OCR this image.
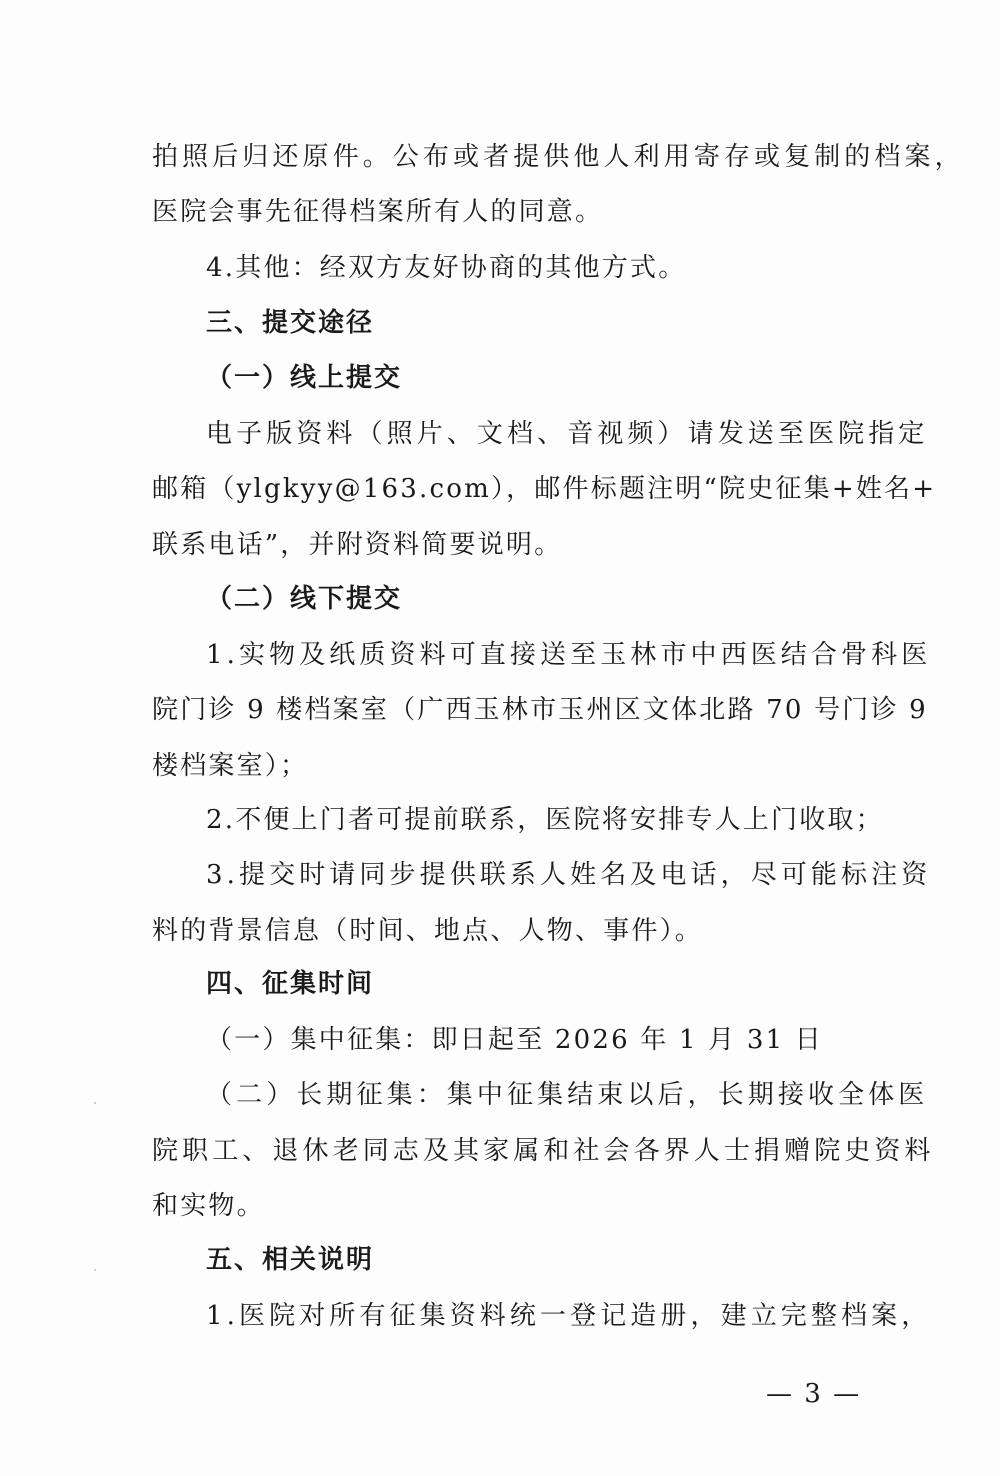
拍照后归还原件。公布或者提供他人利用寄存或复制的档案，
医院会事先征得档案所有人的同意。
4.其他：经双方友好协商的其他方式。
三、提交途径
（一）线上提交
电子版资料（照片、文档、音视频）请发送至医院指定
邮箱（ylgkyy@163.com），邮件标题注明“院史征集+姓名+
联系电话”，并附资料简要说明。
（二）线下提交
1.实物及纸质资料可直接送至玉林市中西医结合骨科医
院门诊 9 楼档案室（广西玉林市玉州区文体北路 70 号门诊 9
楼档案室）；
2.不便上门者可提前联系，医院将安排专人上门收取；
3.提交时请同步提供联系人姓名及电话，尽可能标注资
料的背景信息（时间、地点、人物、事件）。
四、征集时间
（一）集中征集：即日起至 2026 年 1 月 31 日
（二）长期征集：集中征集结束以后，长期接收全体医
院职工、退休老同志及其家属和社会各界人士捐赠院史资料
和实物。
五、相关说明
1.医院对所有征集资料统一登记造册，建立完整档案，
— 3 —
